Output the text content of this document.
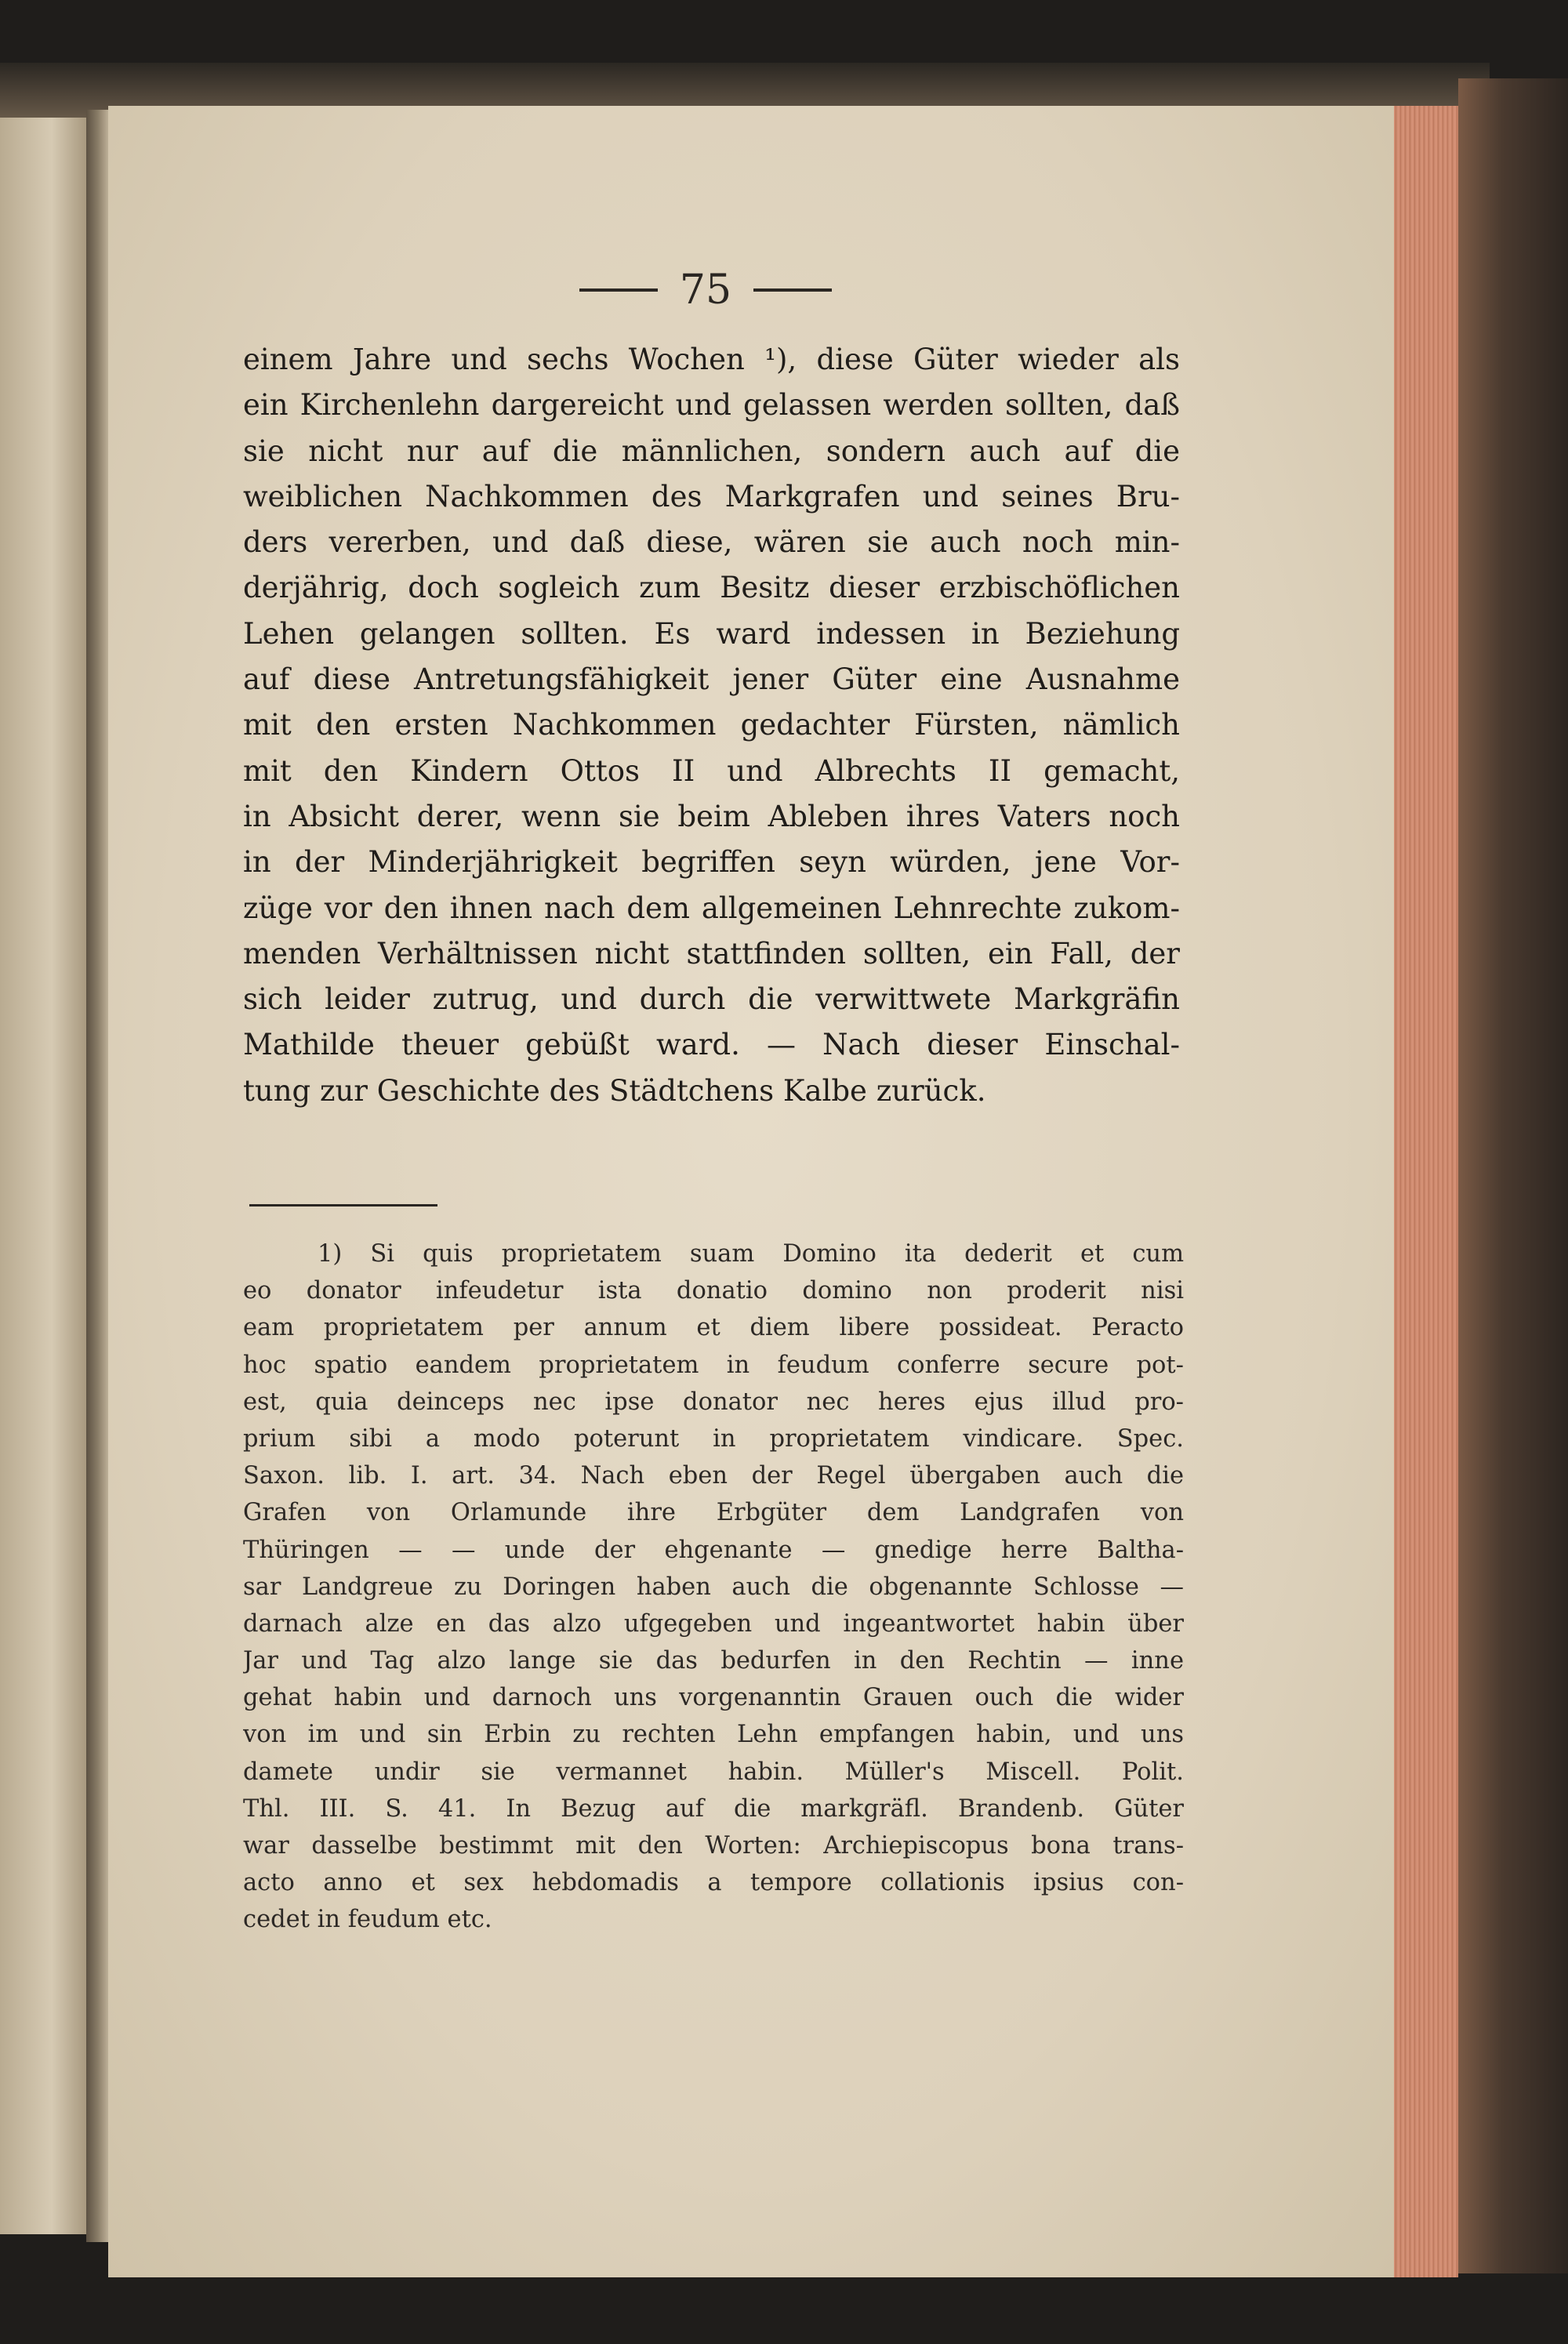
75
einem Jahre und sechs Wochen ¹), diese Güter wieder als
ein Kirchenlehn dargereicht und gelassen werden sollten, daß
sie nicht nur auf die männlichen, sondern auch auf die
weiblichen Nachkommen des Markgrafen und seines Bru-
ders vererben, und daß diese, wären sie auch noch min-
derjährig, doch sogleich zum Besitz dieser erzbischöflichen
Lehen gelangen sollten. Es ward indessen in Beziehung
auf diese Antretungsfähigkeit jener Güter eine Ausnahme
mit den ersten Nachkommen gedachter Fürsten, nämlich
mit den Kindern Ottos II und Albrechts II gemacht,
in Absicht derer, wenn sie beim Ableben ihres Vaters noch
in der Minderjährigkeit begriffen seyn würden, jene Vor-
züge vor den ihnen nach dem allgemeinen Lehnrechte zukom-
menden Verhältnissen nicht stattfinden sollten, ein Fall, der
sich leider zutrug, und durch die verwittwete Markgräfin
Mathilde theuer gebüßt ward. — Nach dieser Einschal-
tung zur Geschichte des Städtchens Kalbe zurück.
1) Si quis proprietatem suam Domino ita dederit et cum
eo donator infeudetur ista donatio domino non proderit nisi
eam proprietatem per annum et diem libere possideat. Peracto
hoc spatio eandem proprietatem in feudum conferre secure pot-
est, quia deinceps nec ipse donator nec heres ejus illud pro-
prium sibi a modo poterunt in proprietatem vindicare. Spec.
Saxon. lib. I. art. 34. Nach eben der Regel übergaben auch die
Grafen von Orlamunde ihre Erbgüter dem Landgrafen von
Thüringen — — unde der ehgenante — gnedige herre Baltha-
sar Landgreue zu Doringen haben auch die obgenannte Schlosse —
darnach alze en das alzo ufgegeben und ingeantwortet habin über
Jar und Tag alzo lange sie das bedurfen in den Rechtin — inne
gehat habin und darnoch uns vorgenanntin Grauen ouch die wider
von im und sin Erbin zu rechten Lehn empfangen habin, und uns
damete undir sie vermannet habin. Müller's Miscell. Polit.
Thl. III. S. 41. In Bezug auf die markgräfl. Brandenb. Güter
war dasselbe bestimmt mit den Worten: Archiepiscopus bona trans-
acto anno et sex hebdomadis a tempore collationis ipsius con-
cedet in feudum etc.
